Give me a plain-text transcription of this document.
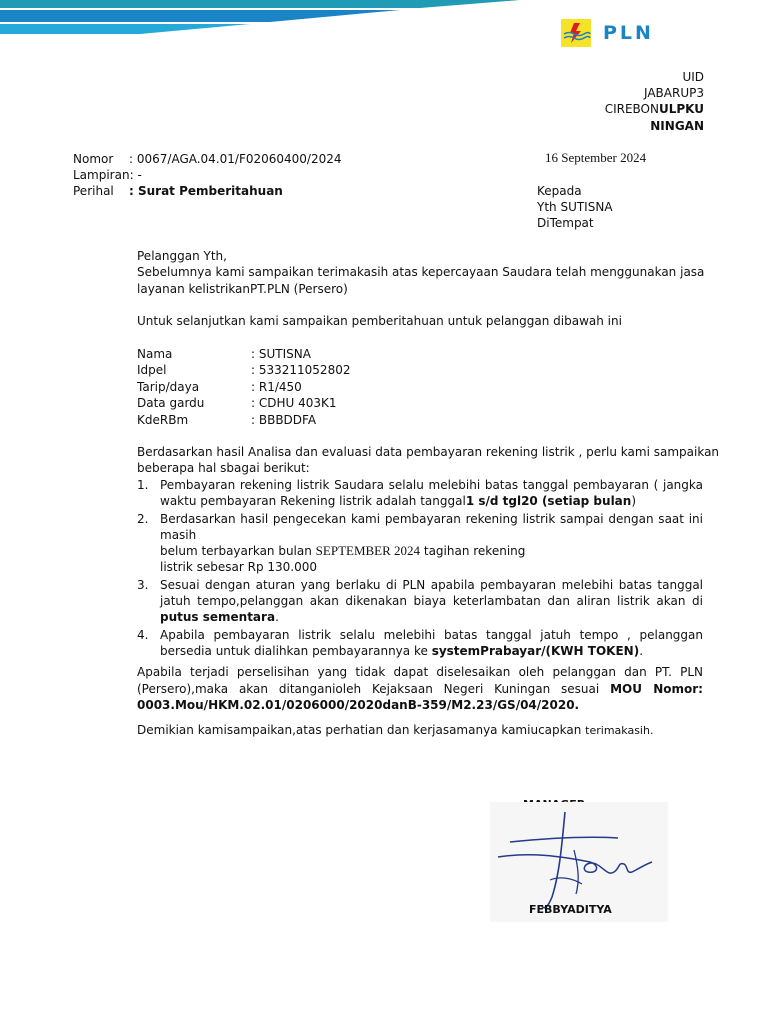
PLN
UID
JABARUP3
CIREBONULPKU
NINGAN
Nomor : 0067/AGA.04.01/F02060400/2024	16 September 2024
Lampiran: -
Perihal : Surat Pemberitahuan	Kepada
Yth SUTISNA
DiTempat
Pelanggan Yth,
Sebelumnya kami sampaikan terimakasih atas kepercayaan Saudara telah menggunakan jasa
layanan kelistrikanPT.PLN (Persero)
Untuk selanjutkan kami sampaikan pemberitahuan untuk pelanggan dibawah ini
Nama	: SUTISNA
Idpel	: 533211052802
Tarip/daya	: R1/450
Data gardu	: CDHU 403K1
KdeRBm	: BBBDDFA
Berdasarkan hasil Analisa dan evaluasi data pembayaran rekening listrik , perlu kami sampaikan
beberapa hal sbagai berikut:
1. Pembayaran rekening listrik Saudara selalu melebihi batas tanggal pembayaran ( jangka waktu pembayaran Rekening listrik adalah tanggal1 s/d tgl20 (setiap bulan)
2. Berdasarkan hasil pengecekan kami pembayaran rekening listrik sampai dengan saat ini masih
belum terbayarkan bulan SEPTEMBER 2024 tagihan rekening
listrik sebesar Rp 130.000
3. Sesuai dengan aturan yang berlaku di PLN apabila pembayaran melebihi batas tanggal jatuh tempo,pelanggan akan dikenakan biaya keterlambatan dan aliran listrik akan di putus sementara.
4. Apabila pembayaran listrik selalu melebihi batas tanggal jatuh tempo , pelanggan bersedia untuk dialihkan pembayarannya ke systemPrabayar/(KWH TOKEN).
Apabila terjadi perselisihan yang tidak dapat diselesaikan oleh pelanggan dan PT. PLN (Persero),maka akan ditanganioleh Kejaksaan Negeri Kuningan sesuai MOU Nomor: 0003.Mou/HKM.02.01/0206000/2020danB-359/M2.23/GS/04/2020.
Demikian kamisampaikan,atas perhatian dan kerjasamanya kamiucapkan terimakasih.
FEBBYADITYA
